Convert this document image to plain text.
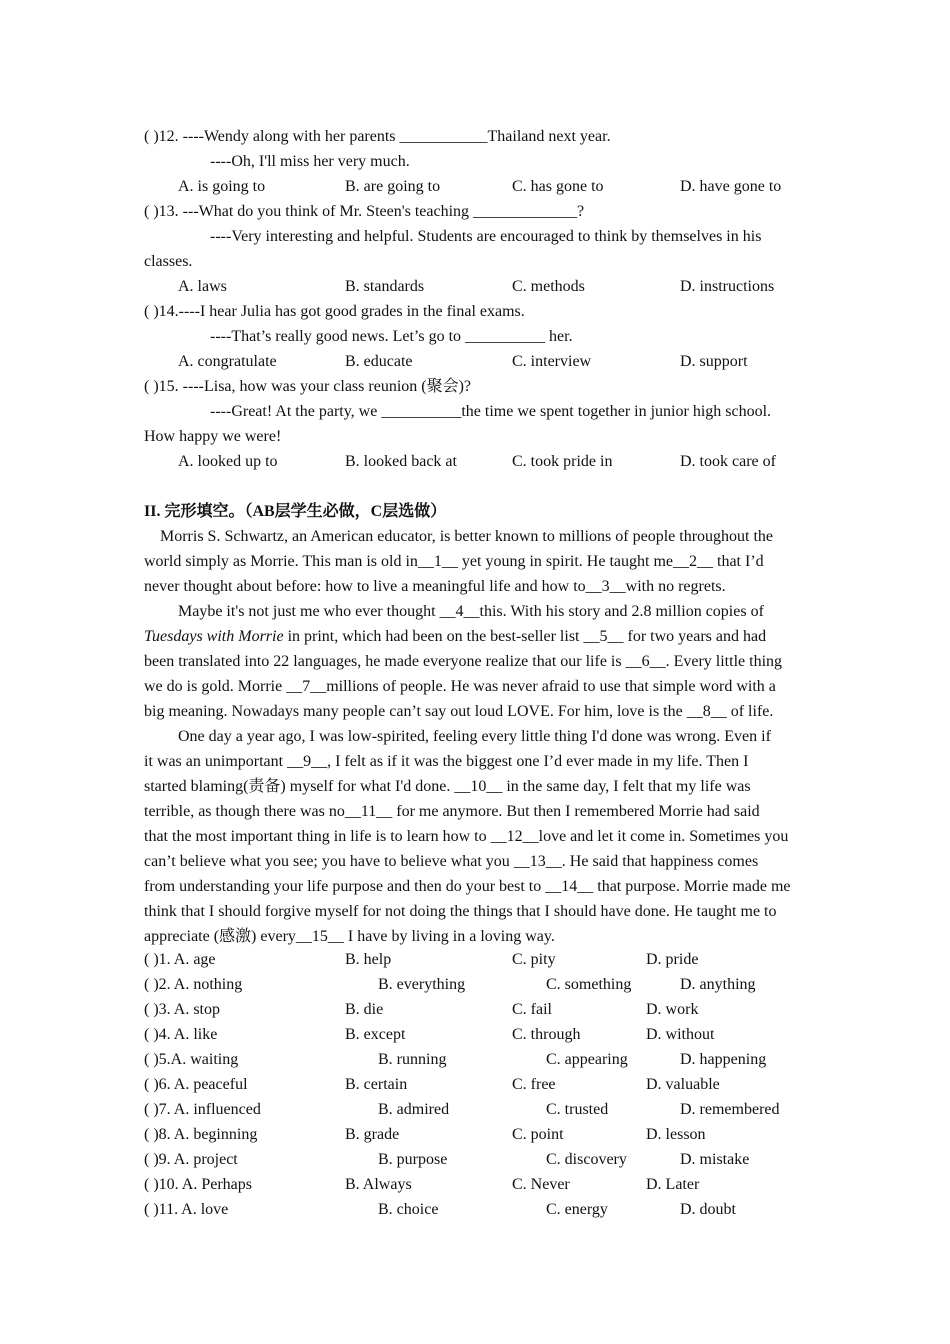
( )12. ----Wendy along with her parents ___________Thailand next year.
----Oh, I'll miss her very much.
A. is going to	B. are going to	C. has gone to	D. have gone to
( )13. ---What do you think of Mr. Steen's teaching _____________?
----Very interesting and helpful. Students are encouraged to think by themselves in his
classes.
A. laws	B. standards	C. methods	D. instructions
( )14.----I hear Julia has got good grades in the final exams.
----That’s really good news. Let’s go to __________ her.
A. congratulate	B. educate	C. interview	D. support
( )15. ----Lisa, how was your class reunion (聚会)?
----Great! At the party, we __________the time we spent together in junior high school.
How happy we were!
A. looked up to	B. looked back at	C. took pride in	D. took care of
II. 完形填空。（AB层学生必做，C层选做）
Morris S. Schwartz, an American educator, is better known to millions of people throughout the
world simply as Morrie. This man is old in__1__ yet young in spirit. He taught me__2__ that I’d
never thought about before: how to live a meaningful life and how to__3__with no regrets.
Maybe it's not just me who ever thought __4__this. With his story and 2.8 million copies of
Tuesdays with Morrie in print, which had been on the best-seller list __5__ for two years and had
been translated into 22 languages, he made everyone realize that our life is __6__. Every little thing
we do is gold. Morrie __7__millions of people. He was never afraid to use that simple word with a
big meaning. Nowadays many people can’t say out loud LOVE. For him, love is the __8__ of life.
One day a year ago, I was low-spirited, feeling every little thing I'd done was wrong. Even if
it was an unimportant __9__, I felt as if it was the biggest one I’d ever made in my life. Then I
started blaming(责备) myself for what I'd done. __10__ in the same day, I felt that my life was
terrible, as though there was no__11__ for me anymore. But then I remembered Morrie had said
that the most important thing in life is to learn how to __12__love and let it come in. Sometimes you
can’t believe what you see; you have to believe what you __13__. He said that happiness comes
from understanding your life purpose and then do your best to __14__ that purpose. Morrie made me
think that I should forgive myself for not doing the things that I should have done. He taught me to
appreciate (感激) every__15__ I have by living in a loving way.
( )1. A. age	B. help	C. pity	D. pride
( )2. A. nothing	B. everything	C. something	D. anything
( )3. A. stop	B. die	C. fail	D. work
( )4. A. like	B. except	C. through	D. without
( )5.A. waiting	B. running	C. appearing	D. happening
( )6. A. peaceful	B. certain	C. free	D. valuable
( )7. A. influenced	B. admired	C. trusted	D. remembered
( )8. A. beginning	B. grade	C. point	D. lesson
( )9. A. project	B. purpose	C. discovery	D. mistake
( )10. A. Perhaps	B. Always	C. Never	D. Later
( )11. A. love	B. choice	C. energy	D. doubt
